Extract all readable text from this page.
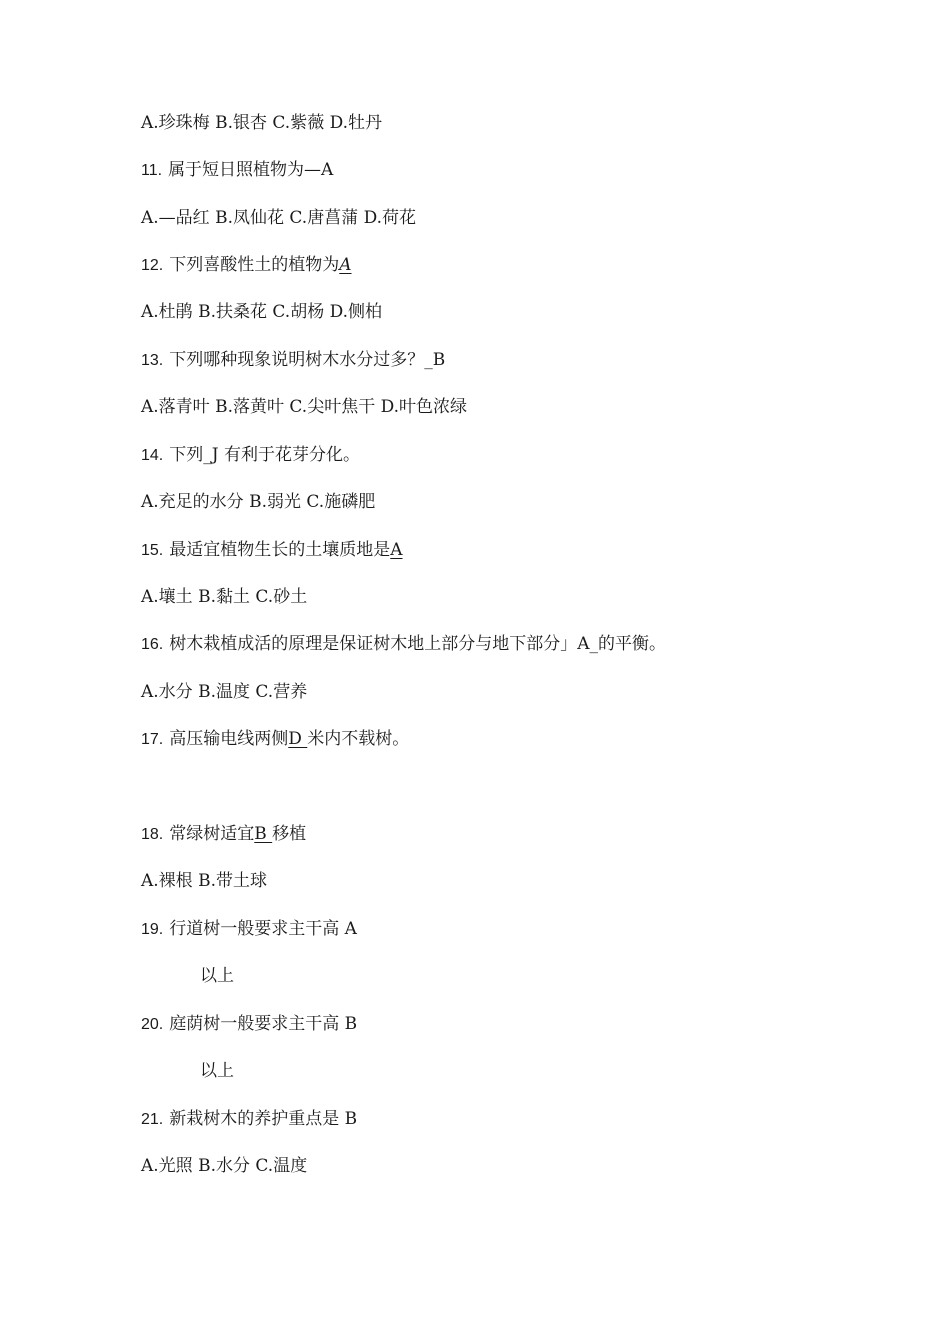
A.珍珠梅 B.银杏 C.紫薇 D.牡丹
11. 属于短日照植物为—A
A.—品红 B.凤仙花 C.唐菖蒲 D.荷花
12. 下列喜酸性土的植物为A
A.杜鹃 B.扶桑花 C.胡杨 D.侧柏
13. 下列哪种现象说明树木水分过多？_B
A.落青叶 B.落黄叶 C.尖叶焦干 D.叶色浓绿
14. 下列_J 有利于花芽分化。
A.充足的水分 B.弱光 C.施磷肥
15. 最适宜植物生长的土壤质地是A
A.壤土 B.黏土 C.砂土
16. 树木栽植成活的原理是保证树木地上部分与地下部分」A_的平衡。
A.水分 B.温度 C.营养
17. 高压输电线两侧D 米内不载树。
18. 常绿树适宜B 移植
A.裸根 B.带土球
19. 行道树一般要求主干高 A
以上
20. 庭荫树一般要求主干高 B
以上
21. 新栽树木的养护重点是 B
A.光照 B.水分 C.温度
